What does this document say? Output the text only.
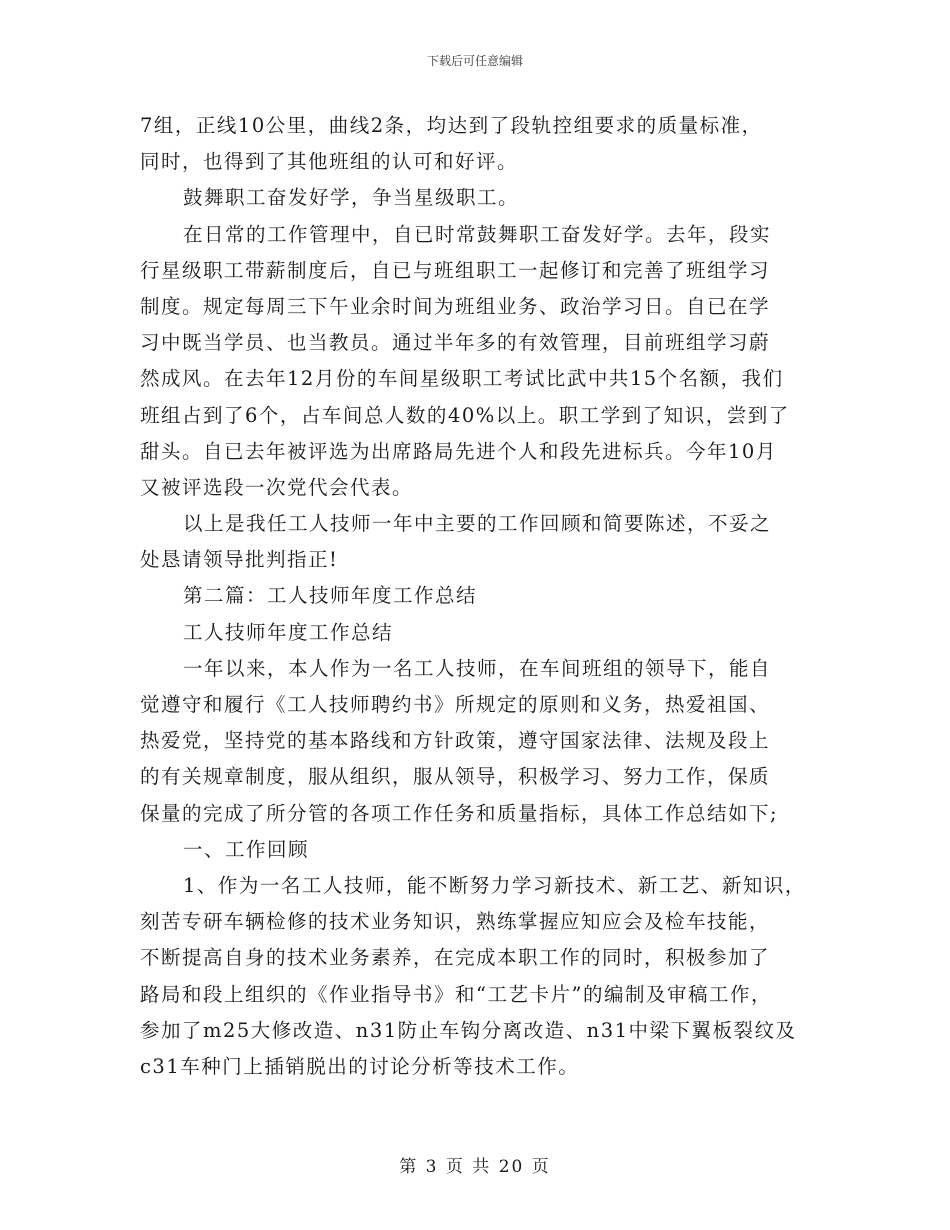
下载后可任意编辑
7组，正线10公里，曲线2条，均达到了段轨控组要求的质量标准，
同时，也得到了其他班组的认可和好评。
鼓舞职工奋发好学，争当星级职工。
在日常的工作管理中，自已时常鼓舞职工奋发好学。去年，段实
行星级职工带薪制度后，自已与班组职工一起修订和完善了班组学习
制度。规定每周三下午业余时间为班组业务、政治学习日。自已在学
习中既当学员、也当教员。通过半年多的有效管理，目前班组学习蔚
然成风。在去年12月份的车间星级职工考试比武中共15个名额，我们
班组占到了6个，占车间总人数的40%以上。职工学到了知识，尝到了
甜头。自已去年被评选为出席路局先进个人和段先进标兵。今年10月
又被评选段一次党代会代表。
以上是我任工人技师一年中主要的工作回顾和简要陈述，不妥之
处恳请领导批判指正!
第二篇：工人技师年度工作总结
工人技师年度工作总结
一年以来，本人作为一名工人技师，在车间班组的领导下，能自
觉遵守和履行《工人技师聘约书》所规定的原则和义务，热爱祖国、
热爱党，坚持党的基本路线和方针政策，遵守国家法律、法规及段上
的有关规章制度，服从组织，服从领导，积极学习、努力工作，保质
保量的完成了所分管的各项工作任务和质量指标，具体工作总结如下;
一、工作回顾
1、作为一名工人技师，能不断努力学习新技术、新工艺、新知识，
刻苦专研车辆检修的技术业务知识，熟练掌握应知应会及检车技能，
不断提高自身的技术业务素养，在完成本职工作的同时，积极参加了
路局和段上组织的《作业指导书》和“工艺卡片”的编制及审稿工作，
参加了m25大修改造、n31防止车钩分离改造、n31中梁下翼板裂纹及
c31车种门上插销脱出的讨论分析等技术工作。
第 3 页 共 20 页
